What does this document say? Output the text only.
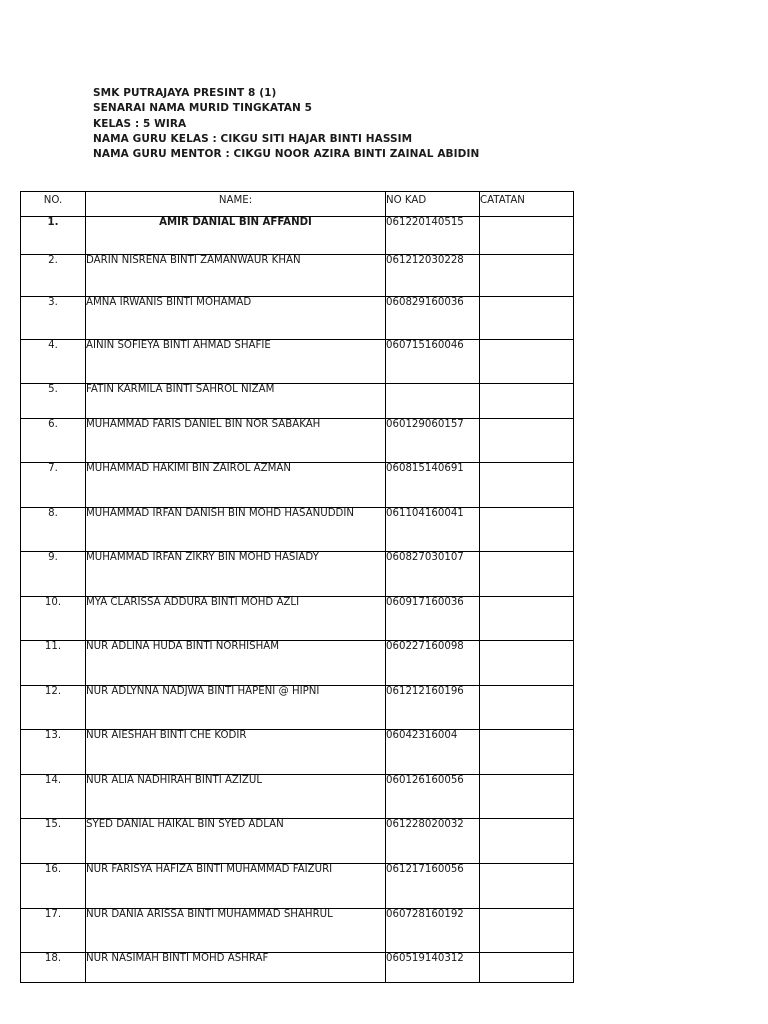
SMK PUTRAJAYA PRESINT 8 (1)
SENARAI NAMA MURID TINGKATAN 5
KELAS : 5 WIRA
NAMA GURU KELAS : CIKGU SITI HAJAR BINTI HASSIM
NAMA GURU MENTOR : CIKGU NOOR AZIRA BINTI ZAINAL ABIDIN
NO.	NAME:	NO KAD	CATATAN
1.	AMIR DANIAL BIN AFFANDI	061220140515	
2.	DARIN NISRENA BINTI ZAMANWAUR KHAN	061212030228	
3.	AMNA IRWANIS BINTI MOHAMAD	060829160036	
4.	AININ SOFIEYA BINTI AHMAD SHAFIE	060715160046	
5.	FATIN KARMILA BINTI SAHROL NIZAM		

6.	MUHAMMAD FARIS DANIEL BIN NOR SABAKAH	060129060157	
7.	MUHAMMAD HAKIMI BIN ZAIROL AZMAN	060815140691	
8.	MUHAMMAD IRFAN DANISH BIN MOHD HASANUDDIN	061104160041	
9.	MUHAMMAD IRFAN ZIKRY BIN MOHD HASIADY	060827030107	
10.	MYA CLARISSA ADDURA BINTI MOHD AZLI	060917160036	
11.	NUR ADLINA HUDA BINTI NORHISHAM	060227160098	
12.	NUR ADLYNNA NADJWA BINTI HAPENI @ HIPNI	061212160196	
13.	NUR AIESHAH BINTI CHE KODIR	06042316004	
14.	NUR ALIA NADHIRAH BINTI AZIZUL	060126160056	
15.	SYED DANIAL HAIKAL BIN SYED ADLAN	061228020032	
16.	NUR FARISYA HAFIZA BINTI MUHAMMAD FAIZURI	061217160056	
17.	NUR DANIA ARISSA BINTI MUHAMMAD SHAHRUL	060728160192	
18.	NUR NASIMAH BINTI MOHD ASHRAF	060519140312	
